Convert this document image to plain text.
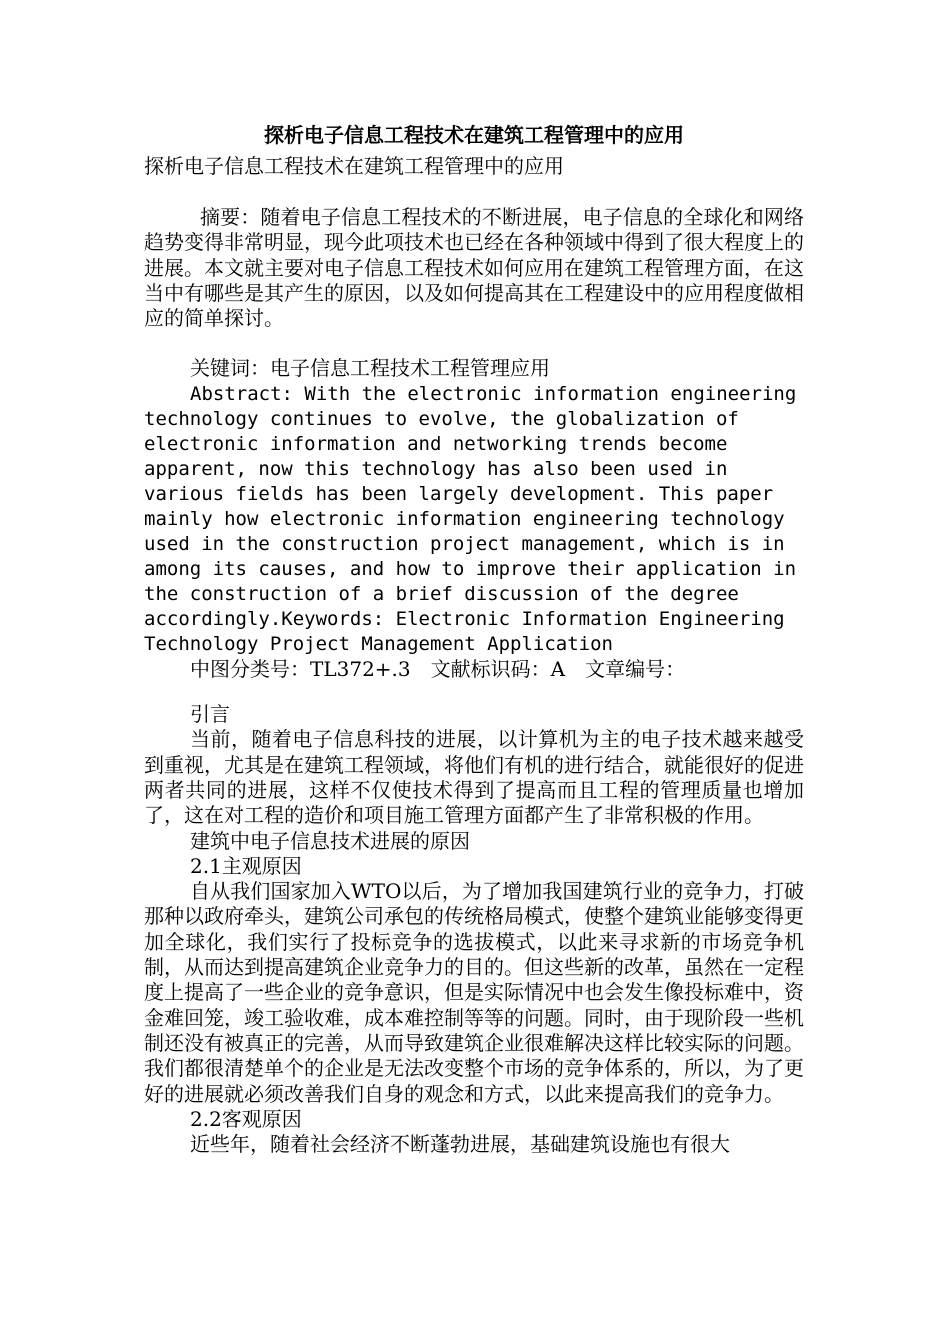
探析电子信息工程技术在建筑工程管理中的应用

探析电子信息工程技术在建筑工程管理中的应用

摘要：随着电子信息工程技术的不断进展，电子信息的全球化和网络趋势变得非常明显，现今此项技术也已经在各种领域中得到了很大程度上的进展。本文就主要对电子信息工程技术如何应用在建筑工程管理方面，在这当中有哪些是其产生的原因，以及如何提高其在工程建设中的应用程度做相应的简单探讨。

关键词：电子信息工程技术工程管理应用

Abstract: With the electronic information engineering technology continues to evolve, the globalization of electronic information and networking trends become apparent, now this technology has also been used in various fields has been largely development. This paper mainly how electronic information engineering technology used in the construction project management, which is in among its causes, and how to improve their application in the construction of a brief discussion of the degree accordingly.Keywords: Electronic Information Engineering Technology Project Management Application

中图分类号：TL372+.3　文献标识码：A　文章编号：

引言

当前，随着电子信息科技的进展，以计算机为主的电子技术越来越受到重视，尤其是在建筑工程领域，将他们有机的进行结合，就能很好的促进两者共同的进展，这样不仅使技术得到了提高而且工程的管理质量也增加了，这在对工程的造价和项目施工管理方面都产生了非常积极的作用。

建筑中电子信息技术进展的原因

2.1主观原因

自从我们国家加入WTO以后，为了增加我国建筑行业的竞争力，打破那种以政府牵头，建筑公司承包的传统格局模式，使整个建筑业能够变得更加全球化，我们实行了投标竞争的选拔模式，以此来寻求新的市场竞争机制，从而达到提高建筑企业竞争力的目的。但这些新的改革，虽然在一定程度上提高了一些企业的竞争意识，但是实际情况中也会发生像投标难中，资金难回笼，竣工验收难，成本难控制等等的问题。同时，由于现阶段一些机制还没有被真正的完善，从而导致建筑企业很难解决这样比较实际的问题。我们都很清楚单个的企业是无法改变整个市场的竞争体系的，所以，为了更好的进展就必须改善我们自身的观念和方式，以此来提高我们的竞争力。

2.2客观原因

近些年，随着社会经济不断蓬勃进展，基础建筑设施也有很大
